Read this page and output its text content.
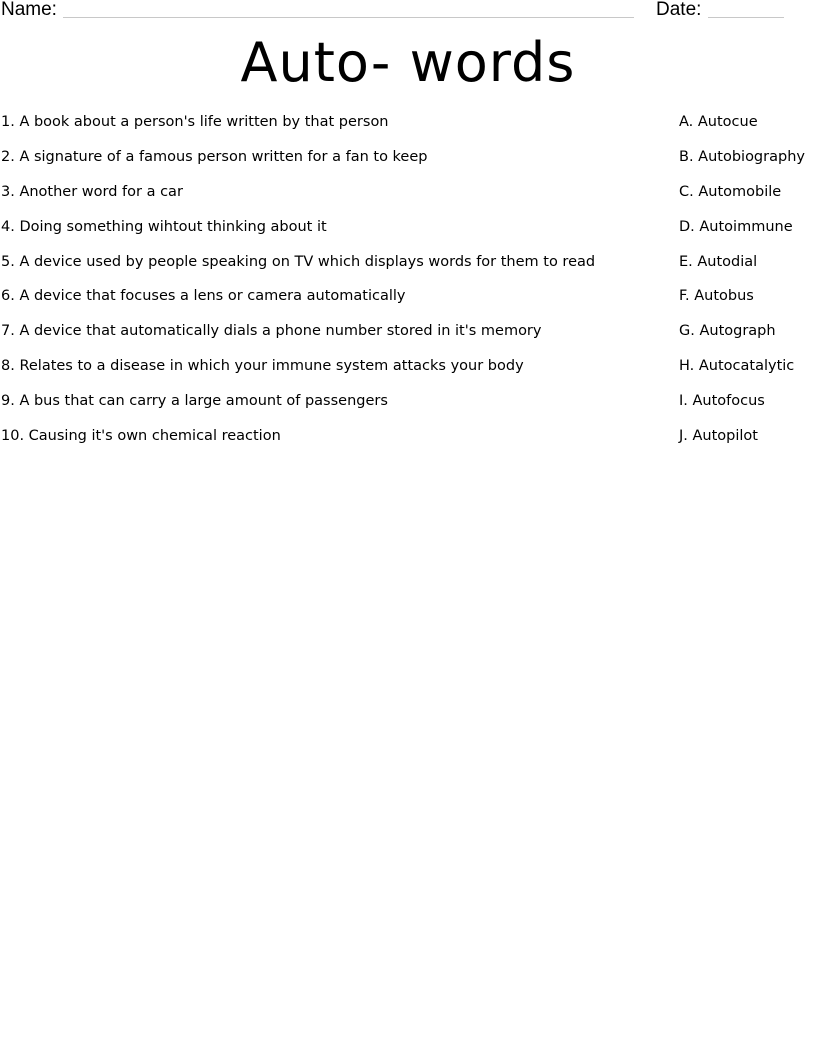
Name:	Date:
Auto- words
1. A book about a person's life written by that person
2. A signature of a famous person written for a fan to keep
3. Another word for a car
4. Doing something wihtout thinking about it
5. A device used by people speaking on TV which displays words for them to read
6. A device that focuses a lens or camera automatically
7. A device that automatically dials a phone number stored in it's memory
8. Relates to a disease in which your immune system attacks your body
9. A bus that can carry a large amount of passengers
10. Causing it's own chemical reaction
A. Autocue
B. Autobiography
C. Automobile
D. Autoimmune
E. Autodial
F. Autobus
G. Autograph
H. Autocatalytic
I. Autofocus
J. Autopilot
